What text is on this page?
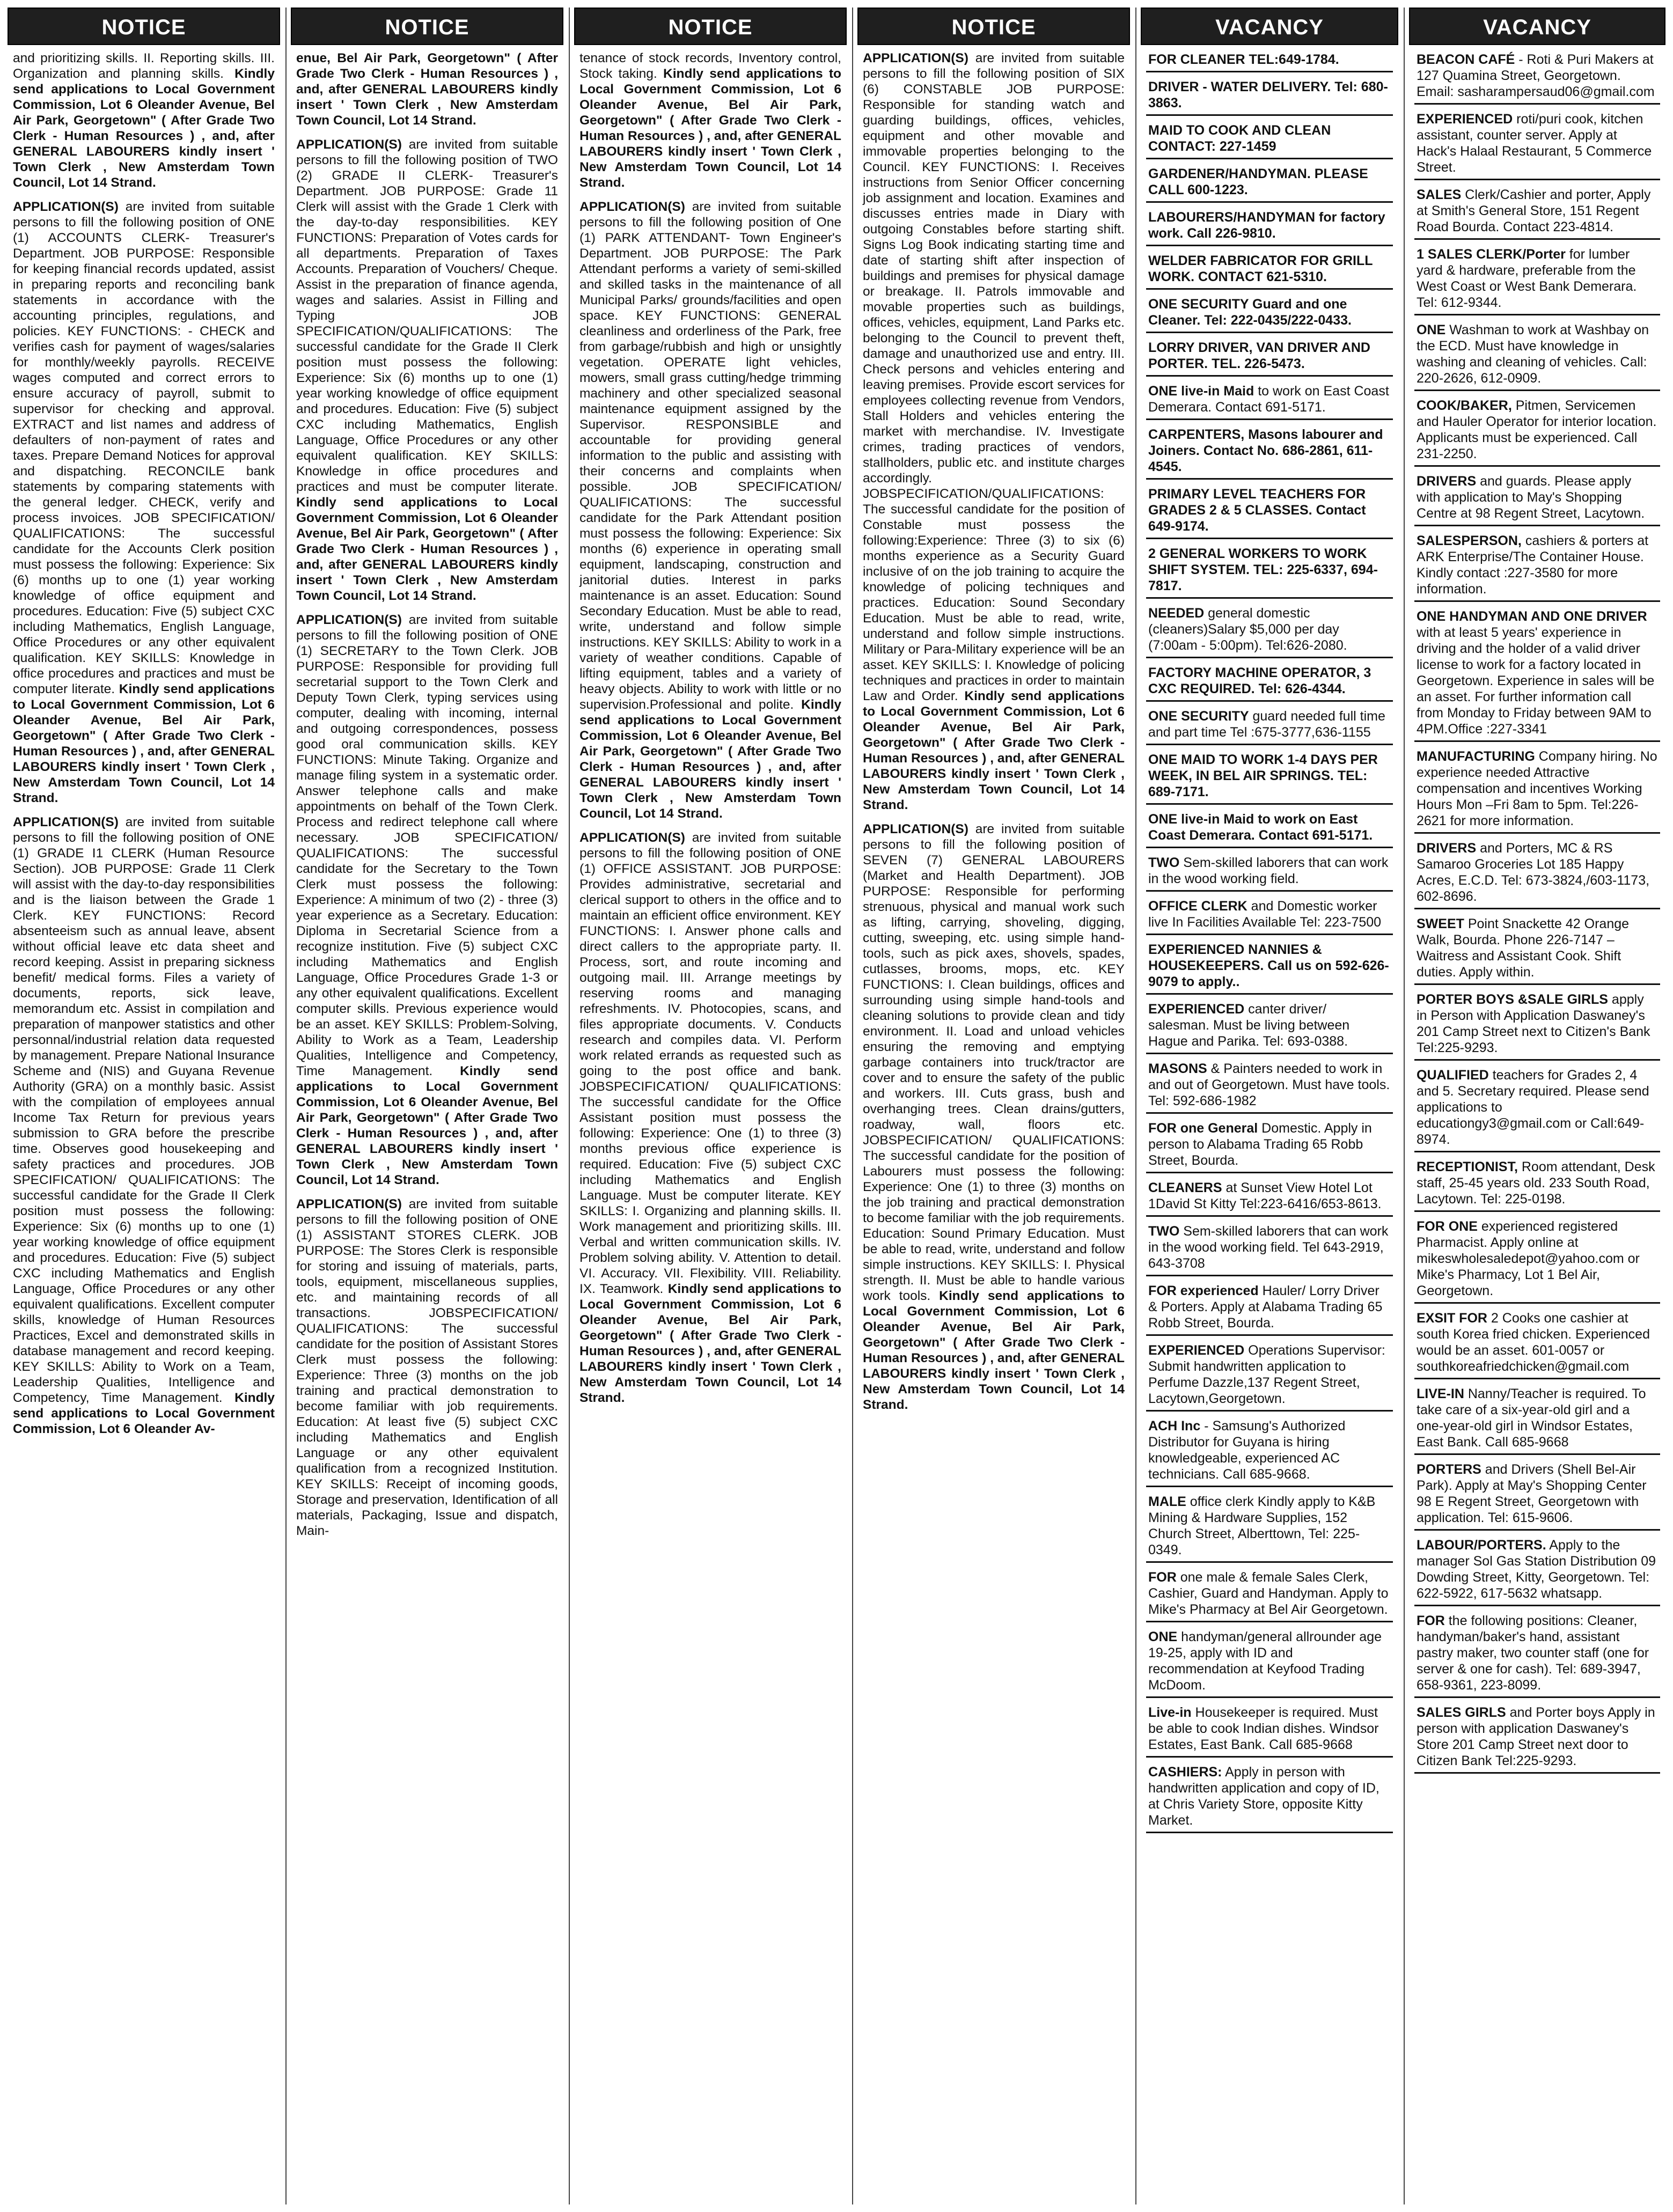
NOTICE
and prioritizing skills. II. Reporting skills. III. Organization and planning skills. Kindly send applications to Local Government Commission, Lot 6 Oleander Avenue, Bel Air Park, Georgetown" ( After Grade Two Clerk - Human Resources ) , and, after GENERAL LABOURERS kindly insert ' Town Clerk , New Amsterdam Town Council, Lot 14 Strand.
APPLICATION(S) are invited from suitable persons to fill the following position of ONE (1) ACCOUNTS CLERK- Treasurer's Department. JOB PURPOSE: Responsible for keeping financial records updated, assist in preparing reports and reconciling bank statements in accordance with the accounting principles, regulations, and policies. KEY FUNCTIONS: - CHECK and verifies cash for payment of wages/salaries for monthly/weekly payrolls. RECEIVE wages computed and correct errors to ensure accuracy of payroll, submit to supervisor for checking and approval. EXTRACT and list names and address of defaulters of non-payment of rates and taxes. Prepare Demand Notices for approval and dispatching. RECONCILE bank statements by comparing statements with the general ledger. CHECK, verify and process invoices. JOB SPECIFICATION/ QUALIFICATIONS: The successful candidate for the Accounts Clerk position must possess the following: Experience: Six (6) months up to one (1) year working knowledge of office equipment and procedures. Education: Five (5) subject CXC including Mathematics, English Language, Office Procedures or any other equivalent qualification. KEY SKILLS: Knowledge in office procedures and practices and must be computer literate. Kindly send applications to Local Government Commission, Lot 6 Oleander Avenue, Bel Air Park, Georgetown" ( After Grade Two Clerk - Human Resources ) , and, after GENERAL LABOURERS kindly insert ' Town Clerk , New Amsterdam Town Council, Lot 14 Strand.
APPLICATION(S) are invited from suitable persons to fill the following position of ONE (1) GRADE I1 CLERK (Human Resource Section). JOB PURPOSE: Grade 11 Clerk will assist with the day-to-day responsibilities and is the liaison between the Grade 1 Clerk. KEY FUNCTIONS: Record absenteeism such as annual leave, absent without official leave etc data sheet and record keeping. Assist in preparing sickness benefit/ medical forms. Files a variety of documents, reports, sick leave, memorandum etc. Assist in compilation and preparation of manpower statistics and other personnal/industrial relation data requested by management. Prepare National Insurance Scheme and (NIS) and Guyana Revenue Authority (GRA) on a monthly basic. Assist with the compilation of employees annual Income Tax Return for previous years submission to GRA before the prescribe time. Observes good housekeeping and safety practices and procedures. JOB SPECIFICATION/ QUALIFICATIONS: The successful candidate for the Grade II Clerk position must possess the following: Experience: Six (6) months up to one (1) year working knowledge of office equipment and procedures. Education: Five (5) subject CXC including Mathematics and English Language, Office Procedures or any other equivalent qualifications. Excellent computer skills, knowledge of Human Resources Practices, Excel and demonstrated skills in database management and record keeping. KEY SKILLS: Ability to Work on a Team, Leadership Qualities, Intelligence and Competency, Time Management. Kindly send applications to Local Government Commission, Lot 6 Oleander Av-
NOTICE
enue, Bel Air Park, Georgetown" ( After Grade Two Clerk - Human Resources ) , and, after GENERAL LABOURERS kindly insert ' Town Clerk , New Amsterdam Town Council, Lot 14 Strand.
APPLICATION(S) are invited from suitable persons to fill the following position of TWO (2) GRADE II CLERK- Treasurer's Department. JOB PURPOSE: Grade 11 Clerk will assist with the Grade 1 Clerk with the day-to-day responsibilities. KEY FUNCTIONS: Preparation of Votes cards for all departments. Preparation of Taxes Accounts. Preparation of Vouchers/ Cheque. Assist in the preparation of finance agenda, wages and salaries. Assist in Filling and Typing JOB SPECIFICATION/QUALIFICATIONS: The successful candidate for the Grade II Clerk position must possess the following: Experience: Six (6) months up to one (1) year working knowledge of office equipment and procedures. Education: Five (5) subject CXC including Mathematics, English Language, Office Procedures or any other equivalent qualification. KEY SKILLS: Knowledge in office procedures and practices and must be computer literate. Kindly send applications to Local Government Commission, Lot 6 Oleander Avenue, Bel Air Park, Georgetown" ( After Grade Two Clerk - Human Resources ) , and, after GENERAL LABOURERS kindly insert ' Town Clerk , New Amsterdam Town Council, Lot 14 Strand.
APPLICATION(S) are invited from suitable persons to fill the following position of ONE (1) SECRETARY to the Town Clerk. JOB PURPOSE: Responsible for providing full secretarial support to the Town Clerk and Deputy Town Clerk, typing services using computer, dealing with incoming, internal and outgoing correspondences, possess good oral communication skills. KEY FUNCTIONS: Minute Taking. Organize and manage filing system in a systematic order. Answer telephone calls and make appointments on behalf of the Town Clerk. Process and redirect telephone call where necessary. JOB SPECIFICATION/ QUALIFICATIONS: The successful candidate for the Secretary to the Town Clerk must possess the following: Experience: A minimum of two (2) - three (3) year experience as a Secretary. Education: Diploma in Secretarial Science from a recognize institution. Five (5) subject CXC including Mathematics and English Language, Office Procedures Grade 1-3 or any other equivalent qualifications. Excellent computer skills. Previous experience would be an asset. KEY SKILLS: Problem-Solving, Ability to Work as a Team, Leadership Qualities, Intelligence and Competency, Time Management. Kindly send applications to Local Government Commission, Lot 6 Oleander Avenue, Bel Air Park, Georgetown" ( After Grade Two Clerk - Human Resources ) , and, after GENERAL LABOURERS kindly insert ' Town Clerk , New Amsterdam Town Council, Lot 14 Strand.
APPLICATION(S) are invited from suitable persons to fill the following position of ONE (1) ASSISTANT STORES CLERK. JOB PURPOSE: The Stores Clerk is responsible for storing and issuing of materials, parts, tools, equipment, miscellaneous supplies, etc. and maintaining records of all transactions. JOBSPECIFICATION/ QUALIFICATIONS: The successful candidate for the position of Assistant Stores Clerk must possess the following: Experience: Three (3) months on the job training and practical demonstration to become familiar with job requirements. Education: At least five (5) subject CXC including Mathematics and English Language or any other equivalent qualification from a recognized Institution. KEY SKILLS: Receipt of incoming goods, Storage and preservation, Identification of all materials, Packaging, Issue and dispatch, Main-
NOTICE
tenance of stock records, Inventory control, Stock taking. Kindly send applications to Local Government Commission, Lot 6 Oleander Avenue, Bel Air Park, Georgetown" ( After Grade Two Clerk - Human Resources ) , and, after GENERAL LABOURERS kindly insert ' Town Clerk , New Amsterdam Town Council, Lot 14 Strand.
APPLICATION(S) are invited from suitable persons to fill the following position of One (1) PARK ATTENDANT- Town Engineer's Department. JOB PURPOSE: The Park Attendant performs a variety of semi-skilled and skilled tasks in the maintenance of all Municipal Parks/ grounds/facilities and open space. KEY FUNCTIONS: GENERAL cleanliness and orderliness of the Park, free from garbage/rubbish and high or unsightly vegetation. OPERATE light vehicles, mowers, small grass cutting/hedge trimming machinery and other specialized seasonal maintenance equipment assigned by the Supervisor. RESPONSIBLE and accountable for providing general information to the public and assisting with their concerns and complaints when possible. JOB SPECIFICATION/ QUALIFICATIONS: The successful candidate for the Park Attendant position must possess the following: Experience: Six months (6) experience in operating small equipment, landscaping, construction and janitorial duties. Interest in parks maintenance is an asset. Education: Sound Secondary Education. Must be able to read, write, understand and follow simple instructions. KEY SKILLS: Ability to work in a variety of weather conditions. Capable of lifting equipment, tables and a variety of heavy objects. Ability to work with little or no supervision.Professional and polite. Kindly send applications to Local Government Commission, Lot 6 Oleander Avenue, Bel Air Park, Georgetown" ( After Grade Two Clerk - Human Resources ) , and, after GENERAL LABOURERS kindly insert ' Town Clerk , New Amsterdam Town Council, Lot 14 Strand.
APPLICATION(S) are invited from suitable persons to fill the following position of ONE (1) OFFICE ASSISTANT. JOB PURPOSE: Provides administrative, secretarial and clerical support to others in the office and to maintain an efficient office environment. KEY FUNCTIONS: I. Answer phone calls and direct callers to the appropriate party. II. Process, sort, and route incoming and outgoing mail. III. Arrange meetings by reserving rooms and managing refreshments. IV. Photocopies, scans, and files appropriate documents. V. Conducts research and compiles data. VI. Perform work related errands as requested such as going to the post office and bank. JOBSPECIFICATION/ QUALIFICATIONS: The successful candidate for the Office Assistant position must possess the following: Experience: One (1) to three (3) months previous office experience is required. Education: Five (5) subject CXC including Mathematics and English Language. Must be computer literate. KEY SKILLS: I. Organizing and planning skills. II. Work management and prioritizing skills. III. Verbal and written communication skills. IV. Problem solving ability. V. Attention to detail. VI. Accuracy. VII. Flexibility. VIII. Reliability. IX. Teamwork. Kindly send applications to Local Government Commission, Lot 6 Oleander Avenue, Bel Air Park, Georgetown" ( After Grade Two Clerk - Human Resources ) , and, after GENERAL LABOURERS kindly insert ' Town Clerk , New Amsterdam Town Council, Lot 14 Strand.
NOTICE
APPLICATION(S) are invited from suitable persons to fill the following position of SIX (6) CONSTABLE JOB PURPOSE: Responsible for standing watch and guarding buildings, offices, vehicles, equipment and other movable and immovable properties belonging to the Council. KEY FUNCTIONS: I. Receives instructions from Senior Officer concerning job assignment and location. Examines and discusses entries made in Diary with outgoing Constables before starting shift. Signs Log Book indicating starting time and date of starting shift after inspection of buildings and premises for physical damage or breakage. II. Patrols immovable and movable properties such as buildings, offices, vehicles, equipment, Land Parks etc. belonging to the Council to prevent theft, damage and unauthorized use and entry. III. Check persons and vehicles entering and leaving premises. Provide escort services for employees collecting revenue from Vendors, Stall Holders and vehicles entering the market with merchandise. IV. Investigate crimes, trading practices of vendors, stallholders, public etc. and institute charges accordingly. JOBSPECIFICATION/QUALIFICATIONS: The successful candidate for the position of Constable must possess the following:Experience: Three (3) to six (6) months experience as a Security Guard inclusive of on the job training to acquire the knowledge of policing techniques and practices. Education: Sound Secondary Education. Must be able to read, write, understand and follow simple instructions. Military or Para-Military experience will be an asset. KEY SKILLS: I. Knowledge of policing techniques and practices in order to maintain Law and Order. Kindly send applications to Local Government Commission, Lot 6 Oleander Avenue, Bel Air Park, Georgetown" ( After Grade Two Clerk - Human Resources ) , and, after GENERAL LABOURERS kindly insert ' Town Clerk , New Amsterdam Town Council, Lot 14 Strand.
APPLICATION(S) are invited from suitable persons to fill the following position of SEVEN (7) GENERAL LABOURERS (Market and Health Department). JOB PURPOSE: Responsible for performing strenuous, physical and manual work such as lifting, carrying, shoveling, digging, cutting, sweeping, etc. using simple hand-tools, such as pick axes, shovels, spades, cutlasses, brooms, mops, etc. KEY FUNCTIONS: I. Clean buildings, offices and surrounding using simple hand-tools and cleaning solutions to provide clean and tidy environment. II. Load and unload vehicles ensuring the removing and emptying garbage containers into truck/tractor are cover and to ensure the safety of the public and workers. III. Cuts grass, bush and overhanging trees. Clean drains/gutters, roadway, wall, floors etc. JOBSPECIFICATION/ QUALIFICATIONS: The successful candidate for the position of Labourers must possess the following: Experience: One (1) to three (3) months on the job training and practical demonstration to become familiar with the job requirements. Education: Sound Primary Education. Must be able to read, write, understand and follow simple instructions. KEY SKILLS: I. Physical strength. II. Must be able to handle various work tools. Kindly send applications to Local Government Commission, Lot 6 Oleander Avenue, Bel Air Park, Georgetown" ( After Grade Two Clerk - Human Resources ) , and, after GENERAL LABOURERS kindly insert ' Town Clerk , New Amsterdam Town Council, Lot 14 Strand.
VACANCY
FOR CLEANER TEL:649-1784.
DRIVER - WATER DELIVERY. Tel: 680-3863.
MAID TO COOK AND CLEAN CONTACT: 227-1459
GARDENER/HANDYMAN. PLEASE CALL 600-1223.
LABOURERS/HANDYMAN for factory work. Call 226-9810.
WELDER FABRICATOR FOR GRILL WORK. CONTACT 621-5310.
ONE SECURITY Guard and one Cleaner. Tel: 222-0435/222-0433.
LORRY DRIVER, VAN DRIVER AND PORTER. TEL. 226-5473.
ONE live-in Maid to work on East Coast Demerara. Contact 691-5171.
CARPENTERS, Masons labourer and Joiners. Contact No. 686-2861, 611-4545.
PRIMARY LEVEL TEACHERS FOR GRADES 2 & 5 CLASSES. Contact 649-9174.
2 GENERAL WORKERS TO WORK SHIFT SYSTEM. TEL: 225-6337, 694-7817.
NEEDED general domestic (cleaners)Salary $5,000 per day (7:00am - 5:00pm). Tel:626-2080.
FACTORY MACHINE OPERATOR, 3 CXC REQUIRED. Tel: 626-4344.
ONE SECURITY guard needed full time and part time Tel :675-3777,636-1155
ONE MAID TO WORK 1-4 DAYS PER WEEK, IN BEL AIR SPRINGS. TEL: 689-7171.
ONE live-in Maid to work on East Coast Demerara. Contact 691-5171.
TWO Sem-skilled laborers that can work in the wood working field.
OFFICE CLERK and Domestic worker live In Facilities Available Tel: 223-7500
EXPERIENCED NANNIES & HOUSEKEEPERS. Call us on 592-626-9079 to apply..
EXPERIENCED canter driver/ salesman. Must be living between Hague and Parika. Tel: 693-0388.
MASONS & Painters needed to work in and out of Georgetown. Must have tools. Tel: 592-686-1982
FOR one General Domestic. Apply in person to Alabama Trading 65 Robb Street, Bourda.
CLEANERS at Sunset View Hotel Lot 1David St Kitty Tel:223-6416/653-8613.
TWO Sem-skilled laborers that can work in the wood working field. Tel 643-2919, 643-3708
FOR experienced Hauler/ Lorry Driver & Porters. Apply at Alabama Trading 65 Robb Street, Bourda.
EXPERIENCED Operations Supervisor: Submit handwritten application to Perfume Dazzle,137 Regent Street, Lacytown,Georgetown.
ACH Inc - Samsung's Authorized Distributor for Guyana is hiring knowledgeable, experienced AC technicians. Call 685-9668.
MALE office clerk Kindly apply to K&B Mining & Hardware Supplies, 152 Church Street, Alberttown, Tel: 225-0349.
FOR one male & female Sales Clerk, Cashier, Guard and Handyman. Apply to Mike's Pharmacy at Bel Air Georgetown.
ONE handyman/general allrounder age 19-25, apply with ID and recommendation at Keyfood Trading McDoom.
Live-in Housekeeper is required. Must be able to cook Indian dishes. Windsor Estates, East Bank. Call 685-9668
CASHIERS: Apply in person with handwritten application and copy of ID, at Chris Variety Store, opposite Kitty Market.
VACANCY
BEACON CAFÉ - Roti & Puri Makers at 127 Quamina Street, Georgetown. Email: sasharampersaud06@gmail.com
EXPERIENCED roti/puri cook, kitchen assistant, counter server. Apply at Hack's Halaal Restaurant, 5 Commerce Street.
SALES Clerk/Cashier and porter, Apply at Smith's General Store, 151 Regent Road Bourda. Contact 223-4814.
1 SALES CLERK/Porter for lumber yard & hardware, preferable from the West Coast or West Bank Demerara. Tel: 612-9344.
ONE Washman to work at Washbay on the ECD. Must have knowledge in washing and cleaning of vehicles. Call: 220-2626, 612-0909.
COOK/BAKER, Pitmen, Servicemen and Hauler Operator for interior location. Applicants must be experienced. Call 231-2250.
DRIVERS and guards. Please apply with application to May's Shopping Centre at 98 Regent Street, Lacytown.
SALESPERSON, cashiers & porters at ARK Enterprise/The Container House. Kindly contact :227-3580 for more information.
ONE HANDYMAN AND ONE DRIVER with at least 5 years' experience in driving and the holder of a valid driver license to work for a factory located in Georgetown. Experience in sales will be an asset. For further information call from Monday to Friday between 9AM to 4PM.Office :227-3341
MANUFACTURING Company hiring. No experience needed Attractive compensation and incentives Working Hours Mon –Fri 8am to 5pm. Tel:226-2621 for more information.
DRIVERS and Porters, MC & RS Samaroo Groceries Lot 185 Happy Acres, E.C.D. Tel: 673-3824,/603-1173, 602-8696.
SWEET Point Snackette 42 Orange Walk, Bourda. Phone 226-7147 – Waitress and Assistant Cook. Shift duties. Apply within.
PORTER BOYS &SALE GIRLS apply in Person with Application Daswaney's 201 Camp Street next to Citizen's Bank Tel:225-9293.
QUALIFIED teachers for Grades 2, 4 and 5. Secretary required. Please send applications to educationgy3@gmail.com or Call:649-8974.
RECEPTIONIST, Room attendant, Desk staff, 25-45 years old. 233 South Road, Lacytown. Tel: 225-0198.
FOR ONE experienced registered Pharmacist. Apply online at mikeswholesaledepot@yahoo.com or Mike's Pharmacy, Lot 1 Bel Air, Georgetown.
EXSIT FOR 2 Cooks one cashier at south Korea fried chicken. Experienced would be an asset. 601-0057 or southkoreafriedchicken@gmail.com
LIVE-IN Nanny/Teacher is required. To take care of a six-year-old girl and a one-year-old girl in Windsor Estates, East Bank. Call 685-9668
PORTERS and Drivers (Shell Bel-Air Park). Apply at May's Shopping Center 98 E Regent Street, Georgetown with application. Tel: 615-9606.
LABOUR/PORTERS. Apply to the manager Sol Gas Station Distribution 09 Dowding Street, Kitty, Georgetown. Tel: 622-5922, 617-5632 whatsapp.
FOR the following positions: Cleaner, handyman/baker's hand, assistant pastry maker, two counter staff (one for server & one for cash). Tel: 689-3947, 658-9361, 223-8099.
SALES GIRLS and Porter boys Apply in person with application Daswaney's Store 201 Camp Street next door to Citizen Bank Tel:225-9293.
